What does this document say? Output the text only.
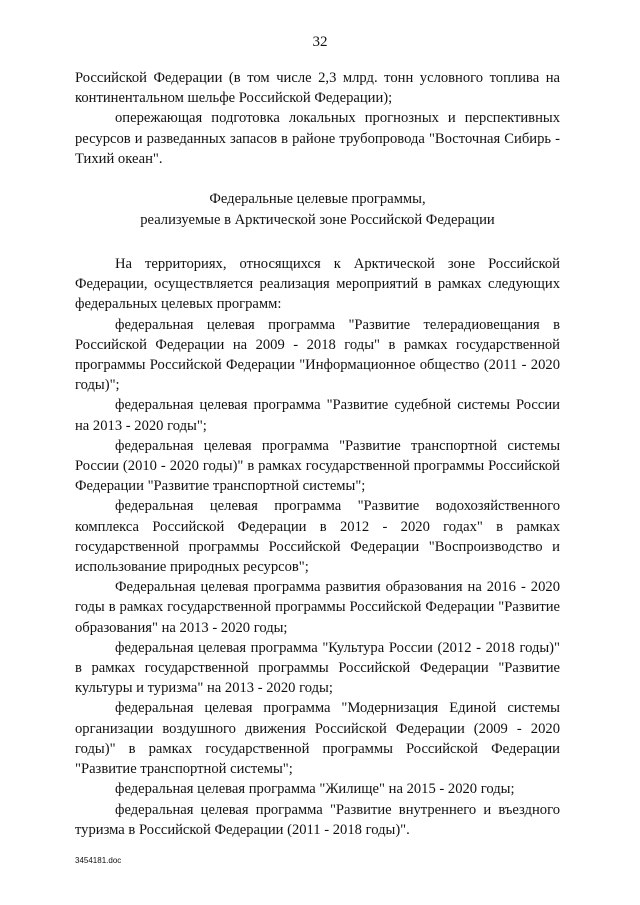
32

Российской Федерации (в том числе 2,3 млрд. тонн условного топлива на континентальном шельфе Российской Федерации);

опережающая подготовка локальных прогнозных и перспективных ресурсов и разведанных запасов в районе трубопровода "Восточная Сибирь - Тихий океан".

Федеральные целевые программы,
реализуемые в Арктической зоне Российской Федерации

На территориях, относящихся к Арктической зоне Российской Федерации, осуществляется реализация мероприятий в рамках следующих федеральных целевых программ:

федеральная целевая программа "Развитие телерадиовещания в Российской Федерации на 2009 - 2018 годы" в рамках государственной программы Российской Федерации "Информационное общество (2011 - 2020 годы)";

федеральная целевая программа "Развитие судебной системы России на 2013 - 2020 годы";

федеральная целевая программа "Развитие транспортной системы России (2010 - 2020 годы)" в рамках государственной программы Российской Федерации "Развитие транспортной системы";

федеральная целевая программа "Развитие водохозяйственного комплекса Российской Федерации в 2012 - 2020 годах" в рамках государственной программы Российской Федерации "Воспроизводство и использование природных ресурсов";

Федеральная целевая программа развития образования на 2016 - 2020 годы в рамках государственной программы Российской Федерации "Развитие образования" на 2013 - 2020 годы;

федеральная целевая программа "Культура России (2012 - 2018 годы)" в рамках государственной программы Российской Федерации "Развитие культуры и туризма" на 2013 - 2020 годы;

федеральная целевая программа "Модернизация Единой системы организации воздушного движения Российской Федерации (2009 - 2020 годы)" в рамках государственной программы Российской Федерации "Развитие транспортной системы";

федеральная целевая программа "Жилище" на 2015 - 2020 годы;

федеральная целевая программа "Развитие внутреннего и въездного туризма в Российской Федерации (2011 - 2018 годы)".

3454181.doc
